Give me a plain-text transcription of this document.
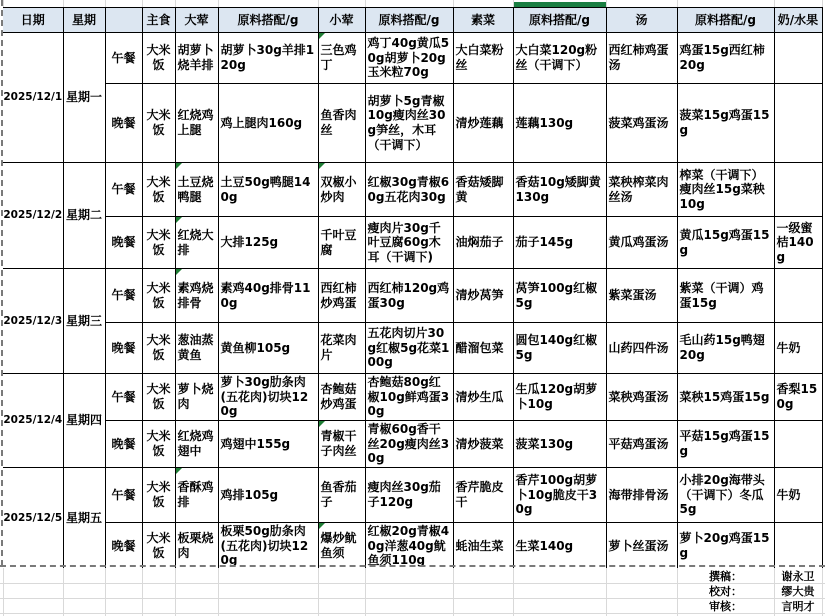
日期	星期		主食	大荤	原料搭配/g	小荤	原料搭配/g	素菜	原料搭配/g	汤	原料搭配/g	奶/水果
2025/12/1	星期一	午餐	大米饭	胡萝卜烧羊排	胡萝卜30g羊排120g	三色鸡丁	鸡丁40g黄瓜50g胡萝卜20g玉米粒70g	大白菜粉丝	大白菜120g粉丝（干调下）	西红柿鸡蛋汤	鸡蛋15g西红柿20g	
		晚餐	大米饭	红烧鸡上腿	鸡上腿肉160g	鱼香肉丝	胡萝卜5g青椒10g瘦肉丝30g笋丝，木耳（干调下）	清炒莲藕	莲藕130g	菠菜鸡蛋汤	菠菜15g鸡蛋15g	
2025/12/2	星期二	午餐	大米饭	土豆烧鸭腿	土豆50g鸭腿140g	双椒小炒肉	红椒30g青椒60g五花肉30g	香菇矮脚黄	香菇10g矮脚黄130g	菜秧榨菜肉丝汤	榨菜（干调下）瘦肉丝15g菜秧10g	
		晚餐	大米饭	红烧大排	大排125g	千叶豆腐	瘦肉片30g千叶豆腐60g木耳（干调下)	油焖茄子	茄子145g	黄瓜鸡蛋汤	黄瓜15g鸡蛋15g	一级蜜桔140g
2025/12/3	星期三	午餐	大米饭	素鸡烧排骨	素鸡40g排骨110g	西红柿炒鸡蛋	西红柿120g鸡蛋30g	清炒莴笋	莴笋100g红椒5g	紫菜蛋汤	紫菜（干调）鸡蛋15g	
		晚餐	大米饭	葱油蒸黄鱼	黄鱼柳105g	花菜肉片	五花肉切片30g红椒5g花菜100g	醋溜包菜	圆包140g红椒5g	山药四件汤	毛山药15g鸭翅20g	牛奶
2025/12/4	星期四	午餐	大米饭	萝卜烧肉	萝卜30g肋条肉(五花肉)切块120g	杏鲍菇炒鸡蛋	杏鲍菇80g红椒10g鲜鸡蛋30g	清炒生瓜	生瓜120g胡萝卜10g	菜秧鸡蛋汤	菜秧15鸡蛋15g	香梨150g
		晚餐	大米饭	红烧鸡翅中	鸡翅中155g	青椒干子肉丝	青椒60g香干丝20g瘦肉丝30g	清炒菠菜	菠菜130g	平菇鸡蛋汤	平菇15g鸡蛋15g	
2025/12/5	星期五	午餐	大米饭	香酥鸡排	鸡排105g	鱼香茄子	瘦肉丝30g茄子120g	香芹脆皮干	香芹100g胡萝卜10g脆皮干30g	海带排骨汤	小排20g海带头（干调下）冬瓜5g	牛奶
		晚餐	大米饭	板栗烧肉	板栗50g肋条肉(五花肉)切块120g	爆炒鱿鱼须	红椒20g青椒40g洋葱40g鱿鱼须110g	蚝油生菜	生菜140g	萝卜丝蛋汤	萝卜20g鸡蛋15g	
撰稿：	谢永卫
校对：	缪大贵
审核：	言明才
